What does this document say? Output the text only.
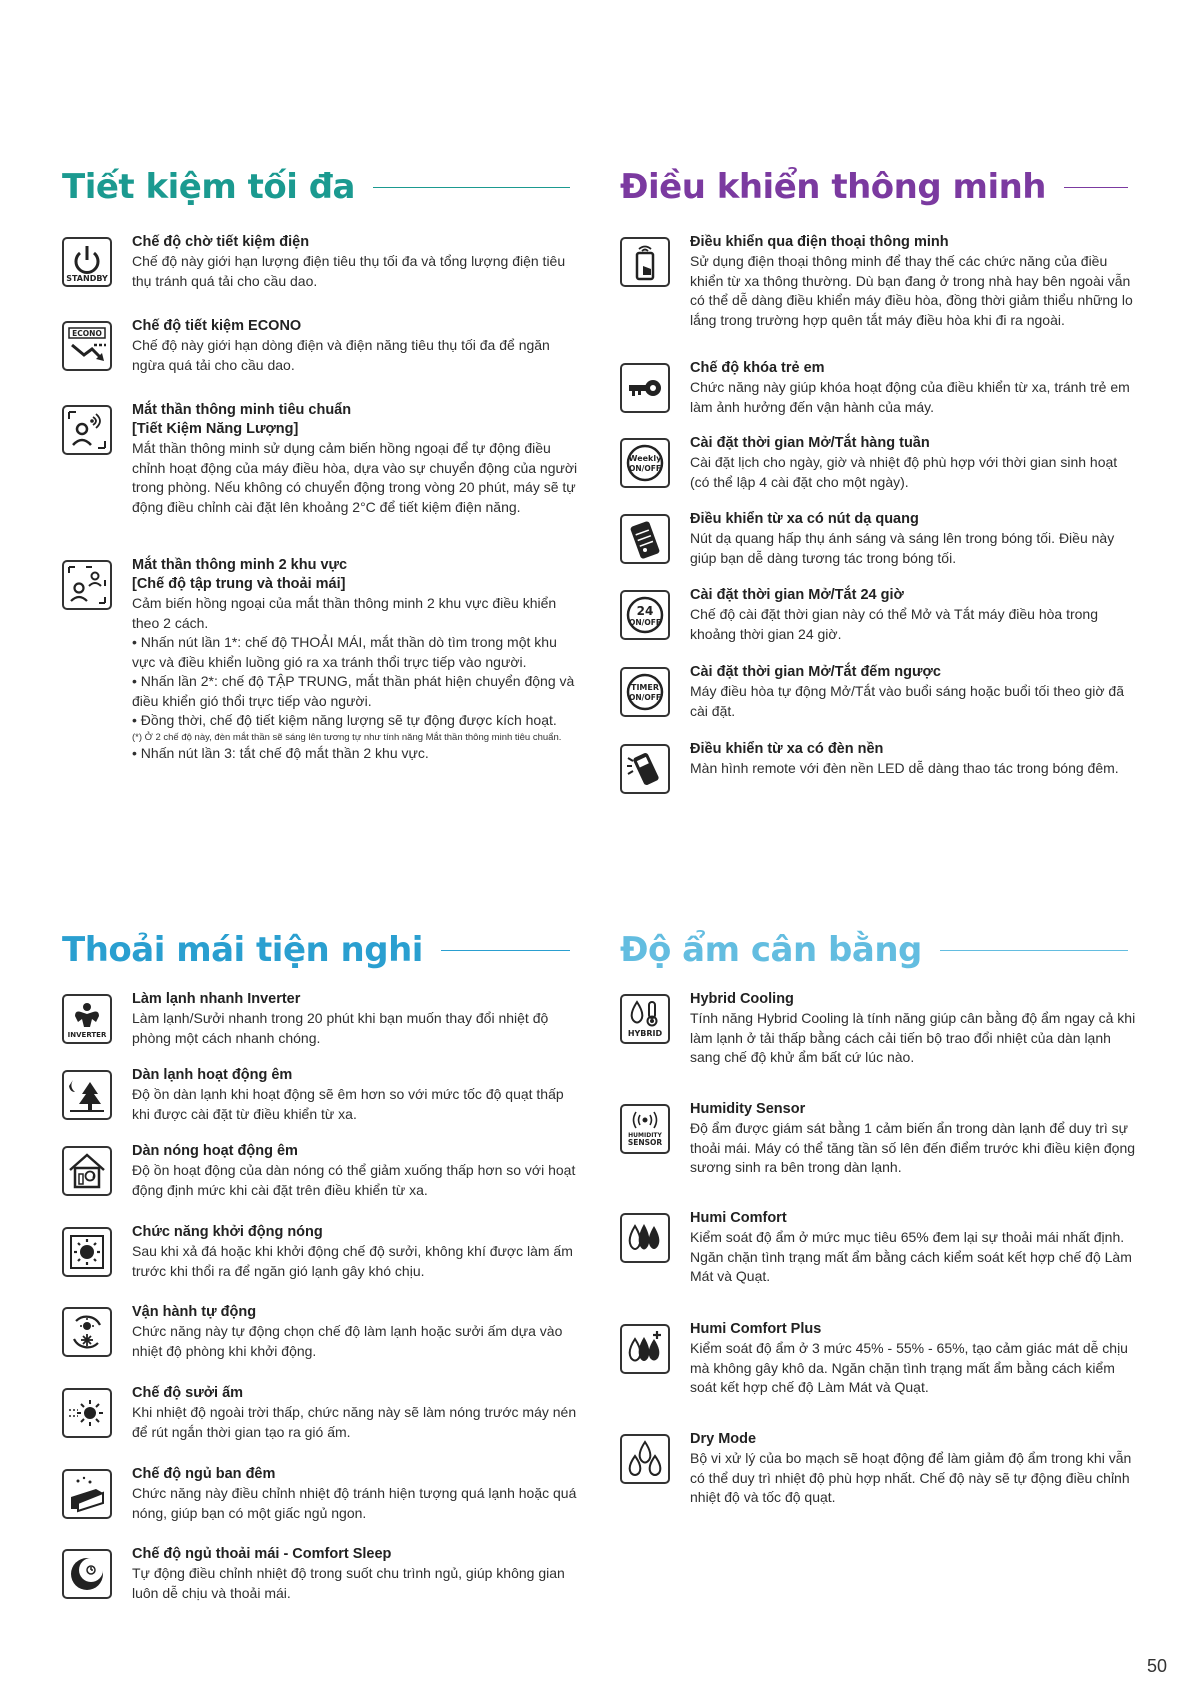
Tiết kiệm tối đa
STANDBY
Chế độ chờ tiết kiệm điện
Chế độ này giới hạn lượng điện tiêu thụ tối đa và tổng lượng điện tiêu thụ tránh quá tải cho cầu dao.
ECONO Chế độ tiết kiệm ECONO
Chế độ này giới hạn dòng điện và điện năng tiêu thụ tối đa để ngăn ngừa quá tải cho cầu dao.
Mắt thần thông minh tiêu chuẩn
[Tiết Kiệm Năng Lượng]
Mắt thần thông minh sử dụng cảm biến hồng ngoại để tự động điều chỉnh hoạt động của máy điều hòa, dựa vào sự chuyển động của người trong phòng. Nếu không có chuyển động trong vòng 20 phút, máy sẽ tự động điều chỉnh cài đặt lên khoảng 2°C để tiết kiệm điện năng.
Mắt thần thông minh 2 khu vực
[Chế độ tập trung và thoải mái]
Cảm biến hồng ngoại của mắt thần thông minh 2 khu vực điều khiển theo 2 cách.
• Nhấn nút lần 1*: chế độ THOẢI MÁI, mắt thần dò tìm trong một khu vực và điều khiển luồng gió ra xa tránh thổi trực tiếp vào người.
• Nhấn lần 2*: chế độ TẬP TRUNG, mắt thần phát hiện chuyển động và điều khiển gió thổi trực tiếp vào người.
• Đồng thời, chế độ tiết kiệm năng lượng sẽ tự động được kích hoạt.
(*) Ở 2 chế độ này, đèn mắt thần sẽ sáng lên tương tự như tính năng Mắt thần thông minh tiêu chuẩn.
• Nhấn nút lần 3: tắt chế độ mắt thần 2 khu vực.
Điều khiển thông minh
Điều khiển qua điện thoại thông minh
Sử dụng điện thoại thông minh để thay thế các chức năng của điều khiển từ xa thông thường. Dù bạn đang ở trong nhà hay bên ngoài vẫn có thể dễ dàng điều khiển máy điều hòa, đồng thời giảm thiểu những lo lắng trong trường hợp quên tắt máy điều hòa khi đi ra ngoài.
Chế độ khóa trẻ em
Chức năng này giúp khóa hoạt động của điều khiển từ xa, tránh trẻ em làm ảnh hưởng đến vận hành của máy.
Weekly
ON/OFF
Cài đặt thời gian Mở/Tắt hàng tuần
Cài đặt lịch cho ngày, giờ và nhiệt độ phù hợp với thời gian sinh hoạt (có thể lập 4 cài đặt cho một ngày).
Điều khiển từ xa có nút dạ quang
Nút dạ quang hấp thụ ánh sáng và sáng lên trong bóng tối. Điều này giúp bạn dễ dàng tương tác trong bóng tối.
24
ON/OFF
Cài đặt thời gian Mở/Tắt 24 giờ
Chế độ cài đặt thời gian này có thể Mở và Tắt máy điều hòa trong khoảng thời gian 24 giờ.
TIMER
ON/OFF
Cài đặt thời gian Mở/Tắt đếm ngược
Máy điều hòa tự động Mở/Tắt vào buổi sáng hoặc buổi tối theo giờ đã cài đặt.
Điều khiển từ xa có đèn nền
Màn hình remote với đèn nền LED dễ dàng thao tác trong bóng đêm.
Thoải mái tiện nghi
INVERTER
Làm lạnh nhanh Inverter
Làm lạnh/Sưởi nhanh trong 20 phút khi bạn muốn thay đổi nhiệt độ phòng một cách nhanh chóng.
Dàn lạnh hoạt động êm
Độ ồn dàn lạnh khi hoạt động sẽ êm hơn so với mức tốc độ quạt thấp khi được cài đặt từ điều khiển từ xa.
Dàn nóng hoạt động êm
Độ ồn hoạt động của dàn nóng có thể giảm xuống thấp hơn so với hoạt động định mức khi cài đặt trên điều khiển từ xa.
Chức năng khởi động nóng
Sau khi xả đá hoặc khi khởi động chế độ sưởi, không khí được làm ấm trước khi thổi ra để ngăn gió lạnh gây khó chịu.
Vận hành tự động
Chức năng này tự động chọn chế độ làm lạnh hoặc sưởi ấm dựa vào nhiệt độ phòng khi khởi động.
Chế độ sưởi ấm
Khi nhiệt độ ngoài trời thấp, chức năng này sẽ làm nóng trước máy nén để rút ngắn thời gian tạo ra gió ấm.
Chế độ ngủ ban đêm
Chức năng này điều chỉnh nhiệt độ tránh hiện tượng quá lạnh hoặc quá nóng, giúp bạn có một giấc ngủ ngon.
Chế độ ngủ thoải mái - Comfort Sleep
Tự động điều chỉnh nhiệt độ trong suốt chu trình ngủ, giúp không gian luôn dễ chịu và thoải mái.
Độ ẩm cân bằng
HYBRID
Hybrid Cooling
Tính năng Hybrid Cooling là tính năng giúp cân bằng độ ẩm ngay cả khi làm lạnh ở tải thấp bằng cách cải tiến bộ trao đổi nhiệt của dàn lạnh sang chế độ khử ẩm bất cứ lúc nào.
HUMIDITY
SENSOR
Humidity Sensor
Độ ẩm được giám sát bằng 1 cảm biến ẩn trong dàn lạnh để duy trì sự thoải mái. Máy có thể tăng tần số lên đến điểm trước khi điều kiện đọng sương sinh ra bên trong dàn lạnh.
Humi Comfort
Kiểm soát độ ẩm ở mức mục tiêu 65% đem lại sự thoải mái nhất định. Ngăn chặn tình trạng mất ẩm bằng cách kiểm soát kết hợp chế độ Làm Mát và Quạt.
Humi Comfort Plus
Kiểm soát độ ẩm ở 3 mức 45% - 55% - 65%, tạo cảm giác mát dễ chịu mà không gây khô da. Ngăn chặn tình trạng mất ẩm bằng cách kiểm soát kết hợp chế độ Làm Mát và Quạt.
Dry Mode
Bộ vi xử lý của bo mạch sẽ hoạt động để làm giảm độ ẩm trong khi vẫn có thể duy trì nhiệt độ phù hợp nhất. Chế độ này sẽ tự động điều chỉnh nhiệt độ và tốc độ quạt.
50
